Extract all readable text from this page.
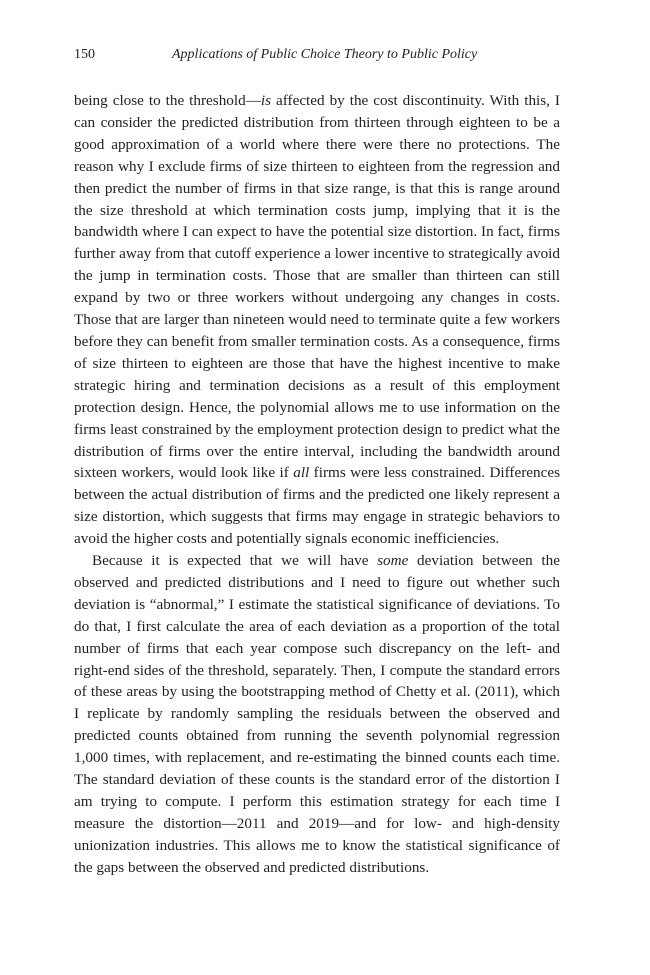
150	Applications of Public Choice Theory to Public Policy

being close to the threshold—is affected by the cost discontinuity. With this, I can consider the predicted distribution from thirteen through eighteen to be a good approximation of a world where there were there no protections. The reason why I exclude firms of size thirteen to eighteen from the regression and then predict the number of firms in that size range, is that this is range around the size threshold at which termination costs jump, implying that it is the bandwidth where I can expect to have the potential size distortion. In fact, firms further away from that cutoff experience a lower incentive to strategically avoid the jump in termination costs. Those that are smaller than thirteen can still expand by two or three workers without undergoing any changes in costs. Those that are larger than nineteen would need to terminate quite a few workers before they can benefit from smaller termination costs. As a consequence, firms of size thirteen to eighteen are those that have the highest incentive to make strategic hiring and termination decisions as a result of this employment protection design. Hence, the polynomial allows me to use information on the firms least constrained by the employment protection design to predict what the distribution of firms over the entire interval, including the bandwidth around sixteen workers, would look like if all firms were less constrained. Differences between the actual distribution of firms and the predicted one likely represent a size distortion, which suggests that firms may engage in strategic behaviors to avoid the higher costs and potentially signals economic inefficiencies.

Because it is expected that we will have some deviation between the observed and predicted distributions and I need to figure out whether such deviation is “abnormal,” I estimate the statistical significance of deviations. To do that, I first calculate the area of each deviation as a proportion of the total number of firms that each year compose such discrepancy on the left- and right-end sides of the threshold, separately. Then, I compute the standard errors of these areas by using the bootstrapping method of Chetty et al. (2011), which I replicate by randomly sampling the residuals between the observed and predicted counts obtained from running the seventh polynomial regression 1,000 times, with replacement, and re-estimating the binned counts each time. The standard deviation of these counts is the standard error of the distortion I am trying to compute. I perform this estimation strategy for each time I measure the distortion—2011 and 2019—and for low- and high-density unionization industries. This allows me to know the statistical significance of the gaps between the observed and predicted distributions.
